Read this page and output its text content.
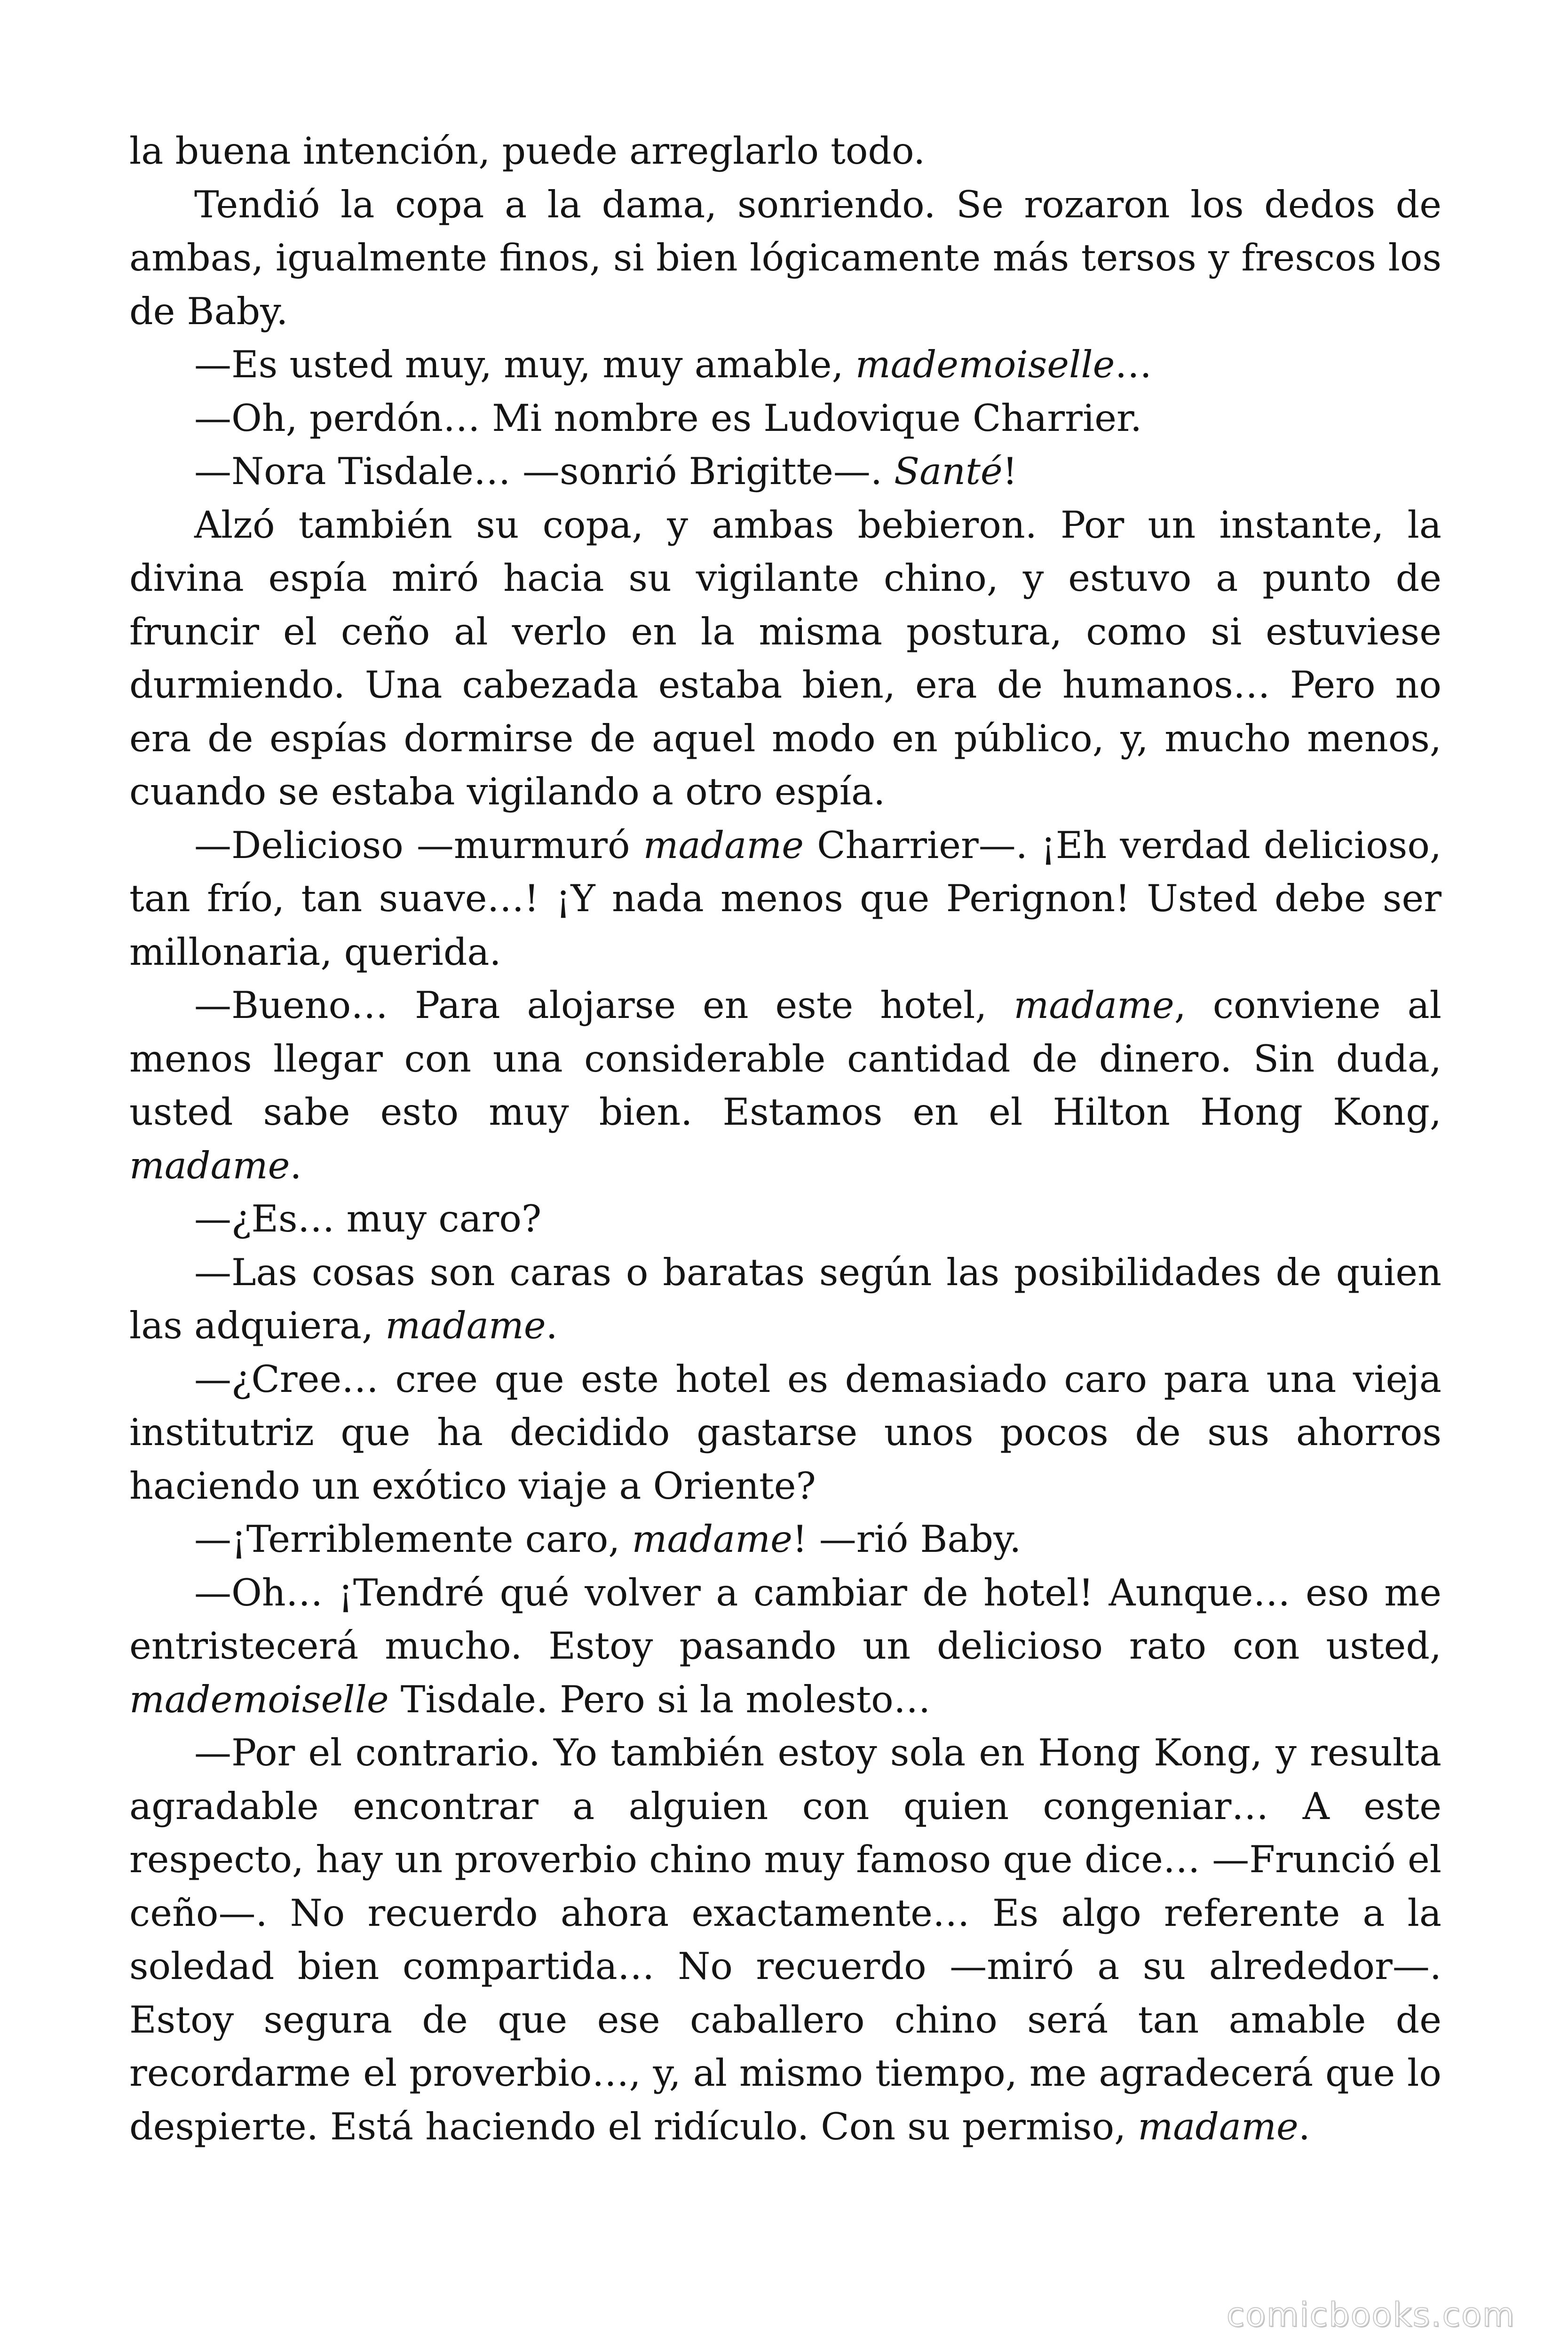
la buena intención, puede arreglarlo todo.

Tendió la copa a la dama, sonriendo. Se rozaron los dedos de ambas, igualmente finos, si bien lógicamente más tersos y frescos los de Baby.

—Es usted muy, muy, muy amable, mademoiselle…

—Oh, perdón… Mi nombre es Ludovique Charrier.

—Nora Tisdale… —sonrió Brigitte—. Santé!

Alzó también su copa, y ambas bebieron. Por un instante, la divina espía miró hacia su vigilante chino, y estuvo a punto de fruncir el ceño al verlo en la misma postura, como si estuviese durmiendo. Una cabezada estaba bien, era de humanos… Pero no era de espías dormirse de aquel modo en público, y, mucho menos, cuando se estaba vigilando a otro espía.

—Delicioso —murmuró madame Charrier—. ¡Eh verdad delicioso, tan frío, tan suave…! ¡Y nada menos que Perignon! Usted debe ser millonaria, querida.

—Bueno… Para alojarse en este hotel, madame, conviene al menos llegar con una considerable cantidad de dinero. Sin duda, usted sabe esto muy bien. Estamos en el Hilton Hong Kong, madame.

—¿Es… muy caro?

—Las cosas son caras o baratas según las posibilidades de quien las adquiera, madame.

—¿Cree… cree que este hotel es demasiado caro para una vieja institutriz que ha decidido gastarse unos pocos de sus ahorros haciendo un exótico viaje a Oriente?

—¡Terriblemente caro, madame! —rió Baby.

—Oh… ¡Tendré qué volver a cambiar de hotel! Aunque… eso me entristecerá mucho. Estoy pasando un delicioso rato con usted, mademoiselle Tisdale. Pero si la molesto…

—Por el contrario. Yo también estoy sola en Hong Kong, y resulta agradable encontrar a alguien con quien congeniar… A este respecto, hay un proverbio chino muy famoso que dice… —Frunció el ceño—. No recuerdo ahora exactamente… Es algo referente a la soledad bien compartida… No recuerdo —miró a su alrededor—. Estoy segura de que ese caballero chino será tan amable de recordarme el proverbio…, y, al mismo tiempo, me agradecerá que lo despierte. Está haciendo el ridículo. Con su permiso, madame.

comicbooks.com
